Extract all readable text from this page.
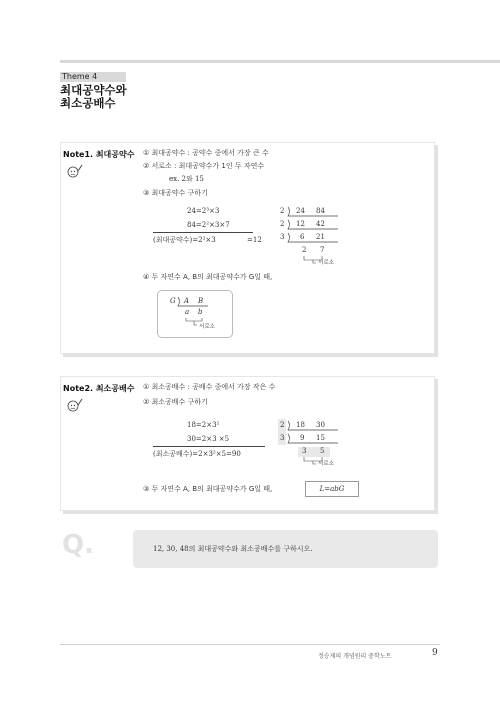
Theme 4
최대공약수와
최소공배수
Note1. 최대공약수 ① 최대공약수 : 공약수 중에서 가장 큰 수
② 서로소 : 최대공약수가 1인 두 자연수
ex. 2와 15
③ 최대공약수 구하기
24=2³×3
84=2²×3×7
(최대공약수)=2²×3	=12
2 24 84
2 12 42
3 6 21
2 7
서로소
④ 두 자연수 A, B의 최대공약수가 G일 때,
G A B
a b
서로소
Note2. 최소공배수 ① 최소공배수 : 공배수 중에서 가장 작은 수
② 최소공배수 구하기
18=2×3²
30=2×3 ×5
(최소공배수)=2×3²×5=90
2 18 30
3 9 15
3 5
서로소
③ 두 자연수 A, B의 최대공약수가 G일 때,	L=abG
Q.	12, 30, 48의 최대공약수와 최소공배수를 구하시오.
정승제의 개념원리 중학노트	9
